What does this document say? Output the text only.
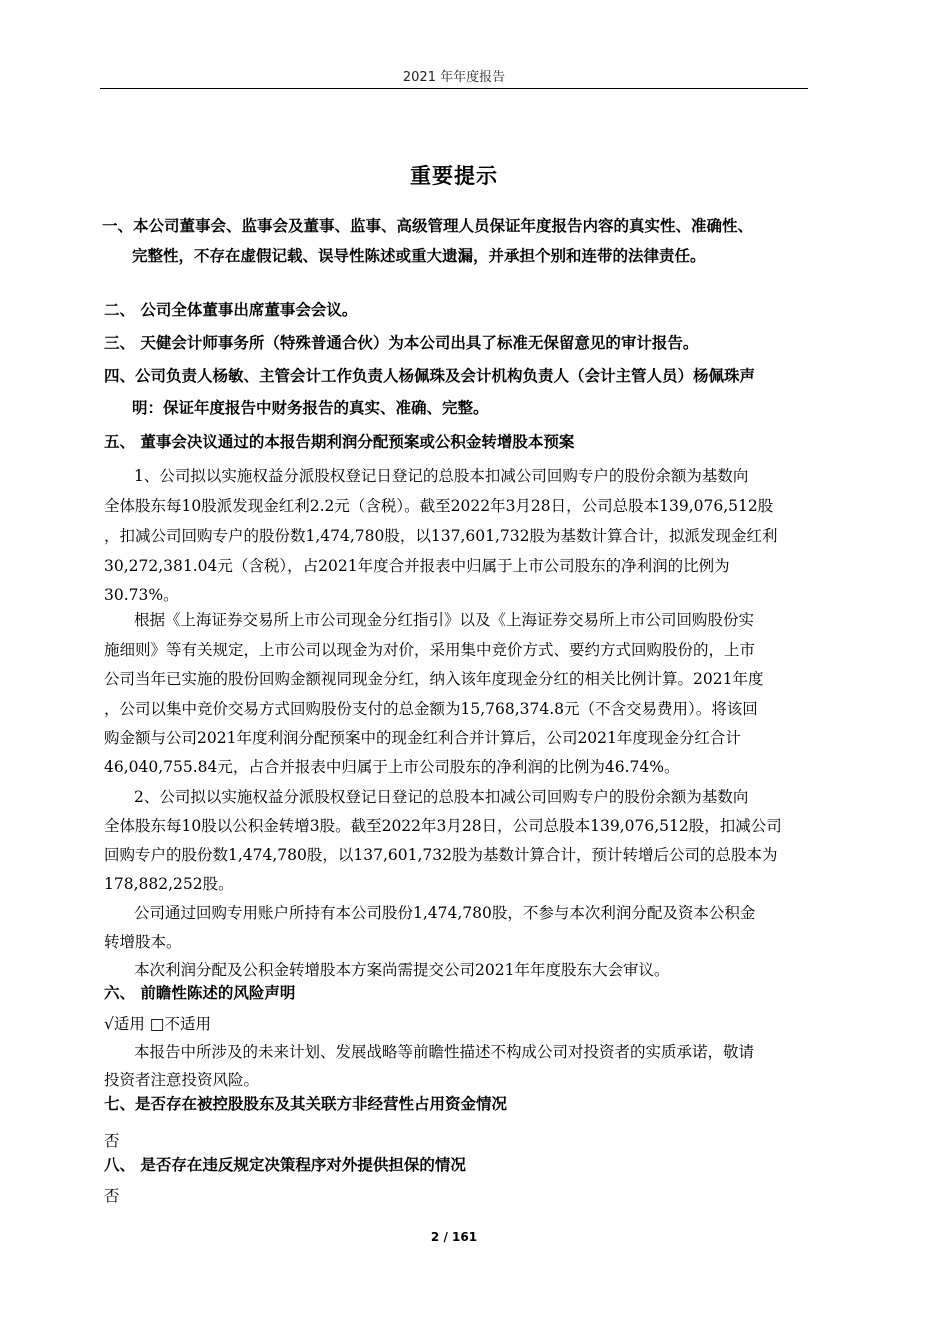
2021 年年度报告
重要提示
一、本公司董事会、监事会及董事、监事、高级管理人员保证年度报告内容的真实性、准确性、
完整性，不存在虚假记载、误导性陈述或重大遗漏，并承担个别和连带的法律责任。
二、 公司全体董事出席董事会会议。
三、 天健会计师事务所（特殊普通合伙）为本公司出具了标准无保留意见的审计报告。
四、公司负责人杨敏、主管会计工作负责人杨佩珠及会计机构负责人（会计主管人员）杨佩珠声
明：保证年度报告中财务报告的真实、准确、完整。
五、 董事会决议通过的本报告期利润分配预案或公积金转增股本预案
1、公司拟以实施权益分派股权登记日登记的总股本扣减公司回购专户的股份余额为基数向
全体股东每10股派发现金红利2.2元（含税）。截至2022年3月28日，公司总股本139,076,512股
，扣减公司回购专户的股份数1,474,780股，以137,601,732股为基数计算合计，拟派发现金红利
30,272,381.04元（含税），占2021年度合并报表中归属于上市公司股东的净利润的比例为
30.73%。
根据《上海证券交易所上市公司现金分红指引》以及《上海证券交易所上市公司回购股份实
施细则》等有关规定，上市公司以现金为对价，采用集中竞价方式、要约方式回购股份的，上市
公司当年已实施的股份回购金额视同现金分红，纳入该年度现金分红的相关比例计算。2021年度
，公司以集中竞价交易方式回购股份支付的总金额为15,768,374.8元（不含交易费用）。将该回
购金额与公司2021年度利润分配预案中的现金红利合并计算后，公司2021年度现金分红合计
46,040,755.84元，占合并报表中归属于上市公司股东的净利润的比例为46.74%。
2、公司拟以实施权益分派股权登记日登记的总股本扣减公司回购专户的股份余额为基数向
全体股东每10股以公积金转增3股。截至2022年3月28日，公司总股本139,076,512股，扣减公司
回购专户的股份数1,474,780股，以137,601,732股为基数计算合计，预计转增后公司的总股本为
178,882,252股。
公司通过回购专用账户所持有本公司股份1,474,780股，不参与本次利润分配及资本公积金
转增股本。
本次利润分配及公积金转增股本方案尚需提交公司2021年年度股东大会审议。
六、 前瞻性陈述的风险声明
√适用 □不适用
本报告中所涉及的未来计划、发展战略等前瞻性描述不构成公司对投资者的实质承诺，敬请
投资者注意投资风险。
七、是否存在被控股股东及其关联方非经营性占用资金情况
否
八、 是否存在违反规定决策程序对外提供担保的情况
否
2 / 161
